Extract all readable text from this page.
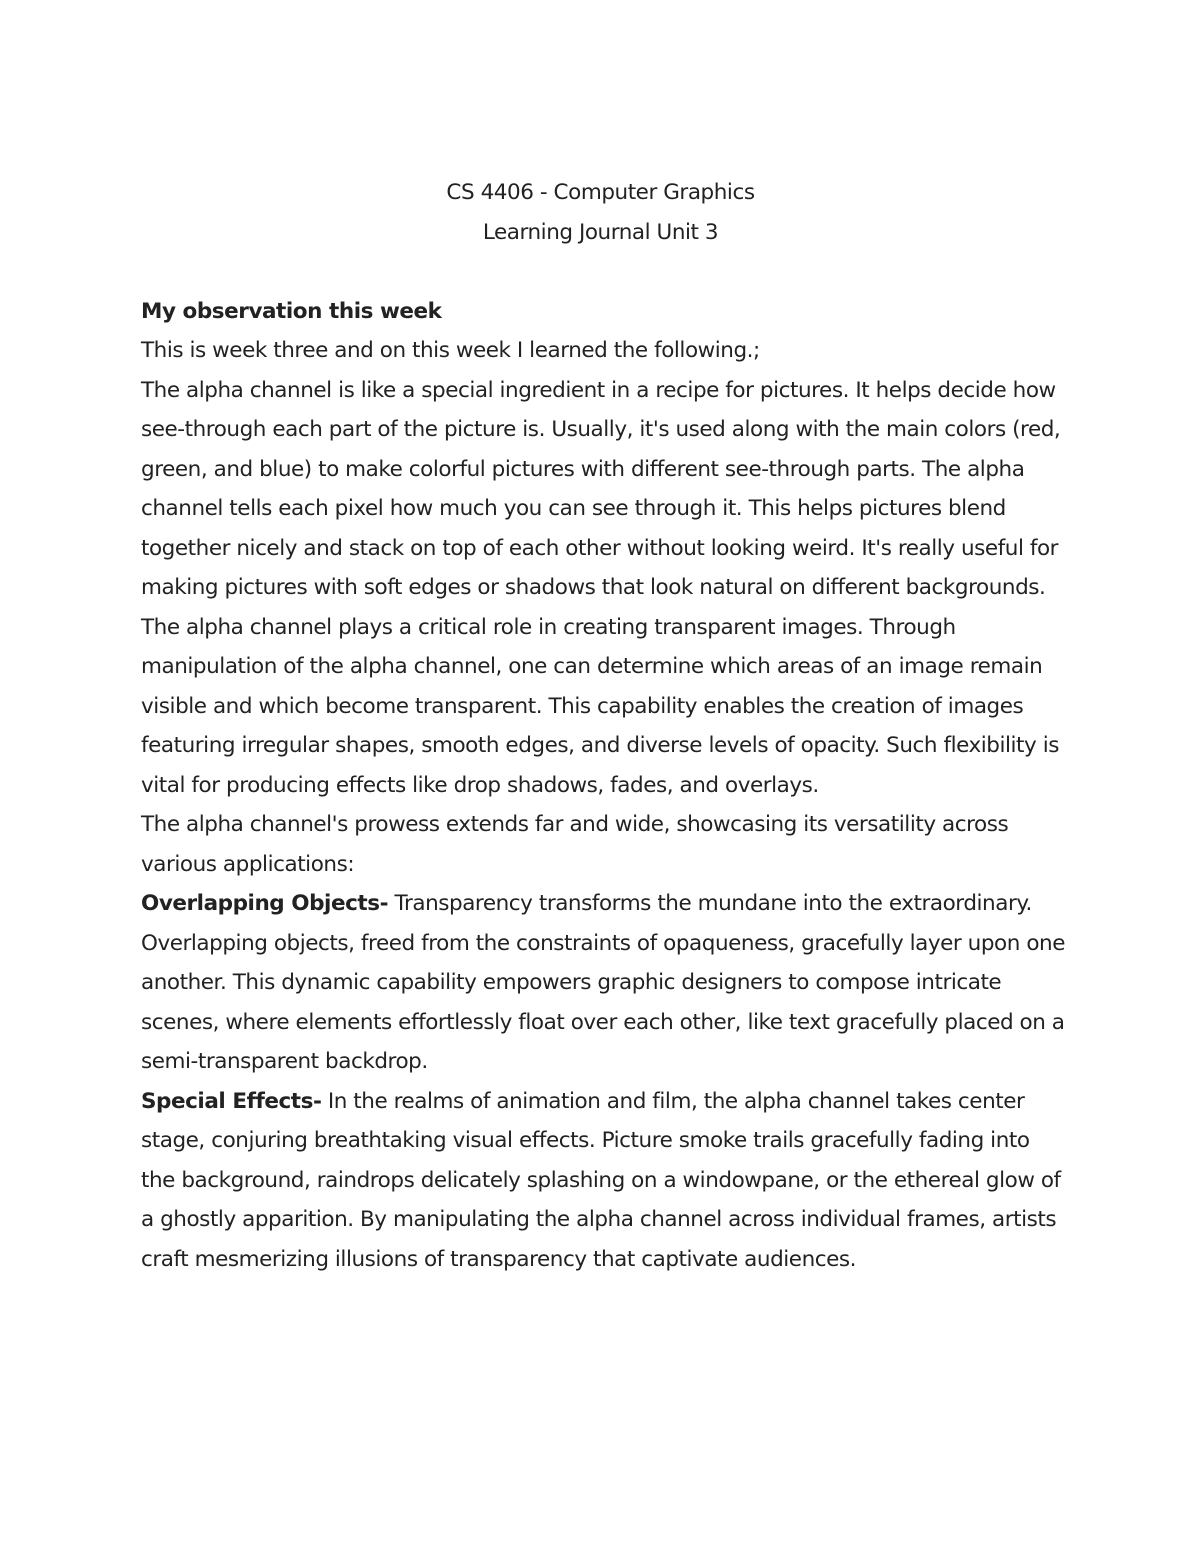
CS 4406 - Computer Graphics
Learning Journal Unit 3
My observation this week

This is week three and on this week I learned the following.;

The alpha channel is like a special ingredient in a recipe for pictures. It helps decide how see-through each part of the picture is. Usually, it's used along with the main colors (red, green, and blue) to make colorful pictures with different see-through parts. The alpha channel tells each pixel how much you can see through it. This helps pictures blend together nicely and stack on top of each other without looking weird. It's really useful for making pictures with soft edges or shadows that look natural on different backgrounds.

The alpha channel plays a critical role in creating transparent images. Through manipulation of the alpha channel, one can determine which areas of an image remain visible and which become transparent. This capability enables the creation of images featuring irregular shapes, smooth edges, and diverse levels of opacity. Such flexibility is vital for producing effects like drop shadows, fades, and overlays.

The alpha channel's prowess extends far and wide, showcasing its versatility across various applications:

Overlapping Objects- Transparency transforms the mundane into the extraordinary. Overlapping objects, freed from the constraints of opaqueness, gracefully layer upon one another. This dynamic capability empowers graphic designers to compose intricate scenes, where elements effortlessly float over each other, like text gracefully placed on a semi-transparent backdrop.

Special Effects- In the realms of animation and film, the alpha channel takes center stage, conjuring breathtaking visual effects. Picture smoke trails gracefully fading into the background, raindrops delicately splashing on a windowpane, or the ethereal glow of a ghostly apparition. By manipulating the alpha channel across individual frames, artists craft mesmerizing illusions of transparency that captivate audiences.
